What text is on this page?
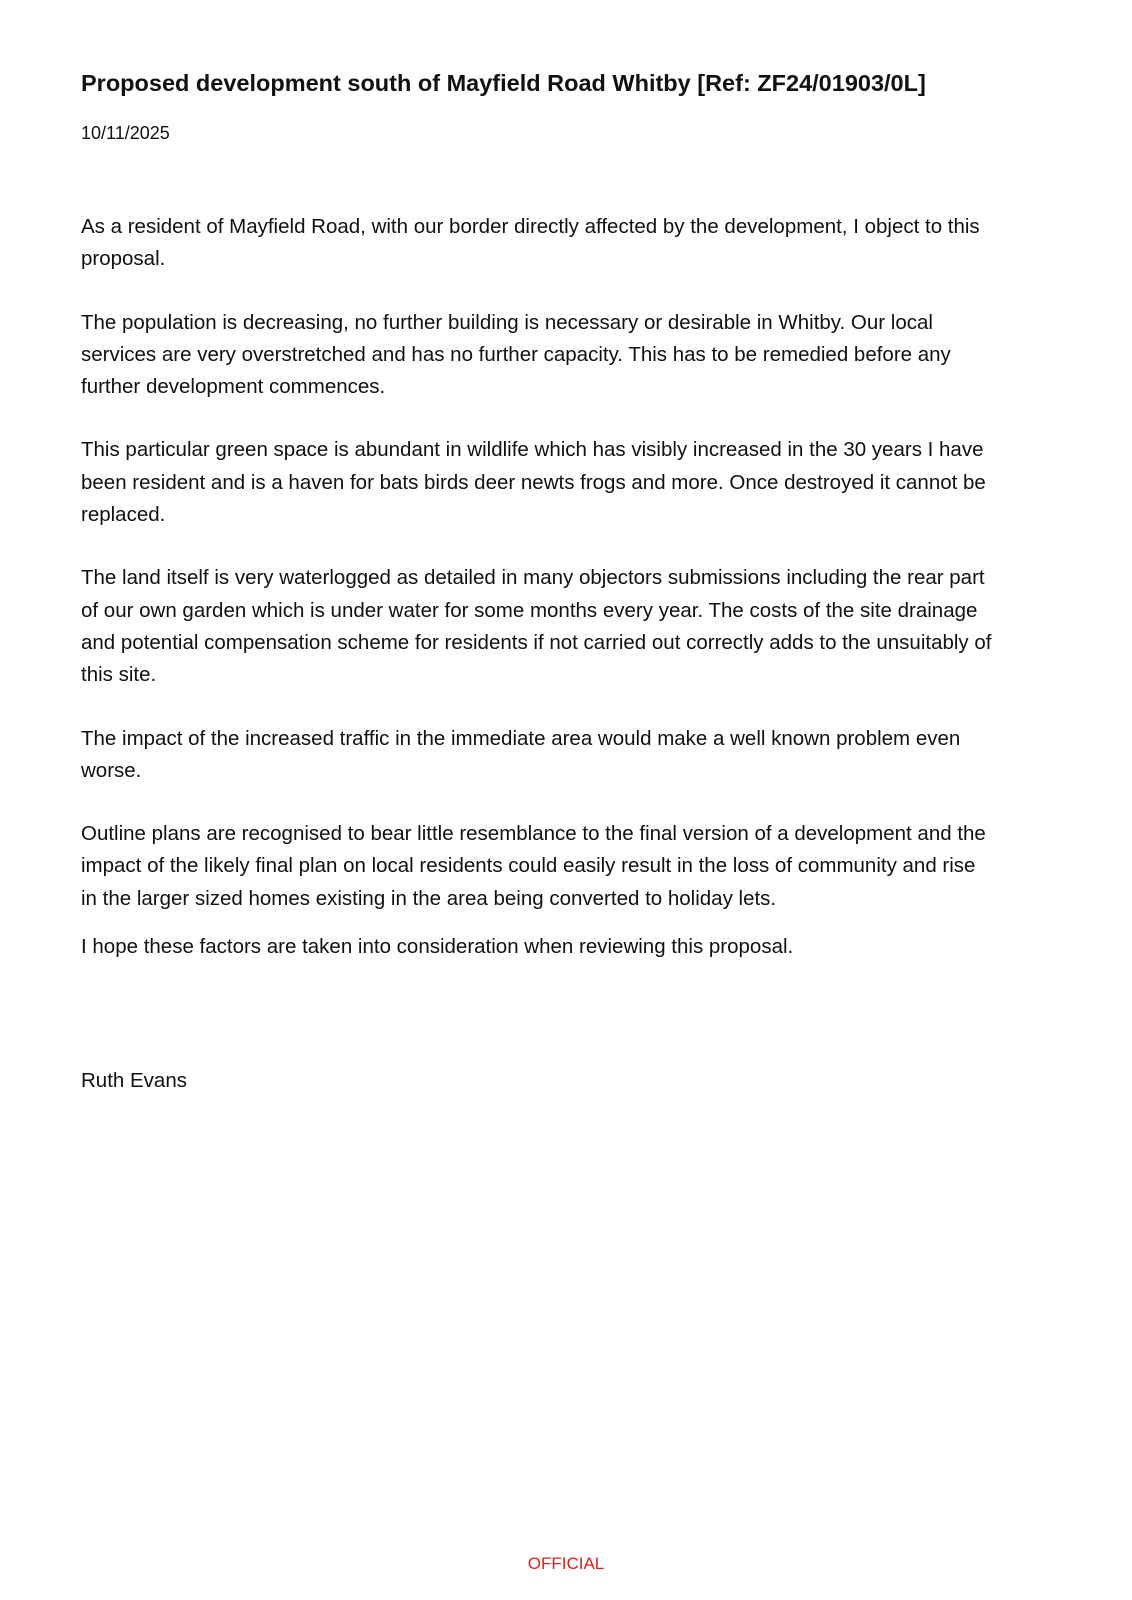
Proposed development south of Mayfield Road Whitby [Ref: ZF24/01903/0L]
10/11/2025

As a resident of Mayfield Road, with our border directly affected by the development, I object to this proposal.

The population is decreasing, no further building is necessary or desirable in Whitby. Our local services are very overstretched and has no further capacity. This has to be remedied before any further development commences.

This particular green space is abundant in wildlife which has visibly increased in the 30 years I have been resident and is a haven for bats birds deer newts frogs and more. Once destroyed it cannot be replaced.

The land itself is very waterlogged as detailed in many objectors submissions including the rear part of our own garden which is under water for some months every year. The costs of the site drainage and potential compensation scheme for residents if not carried out correctly adds to the unsuitably of this site.

The impact of the increased traffic in the immediate area would make a well known problem even worse.

Outline plans are recognised to bear little resemblance to the final version of a development and the impact of the likely final plan on local residents could easily result in the loss of community and rise in the larger sized homes existing in the area being converted to holiday lets.

I hope these factors are taken into consideration when reviewing this proposal.

Ruth Evans
OFFICIAL
